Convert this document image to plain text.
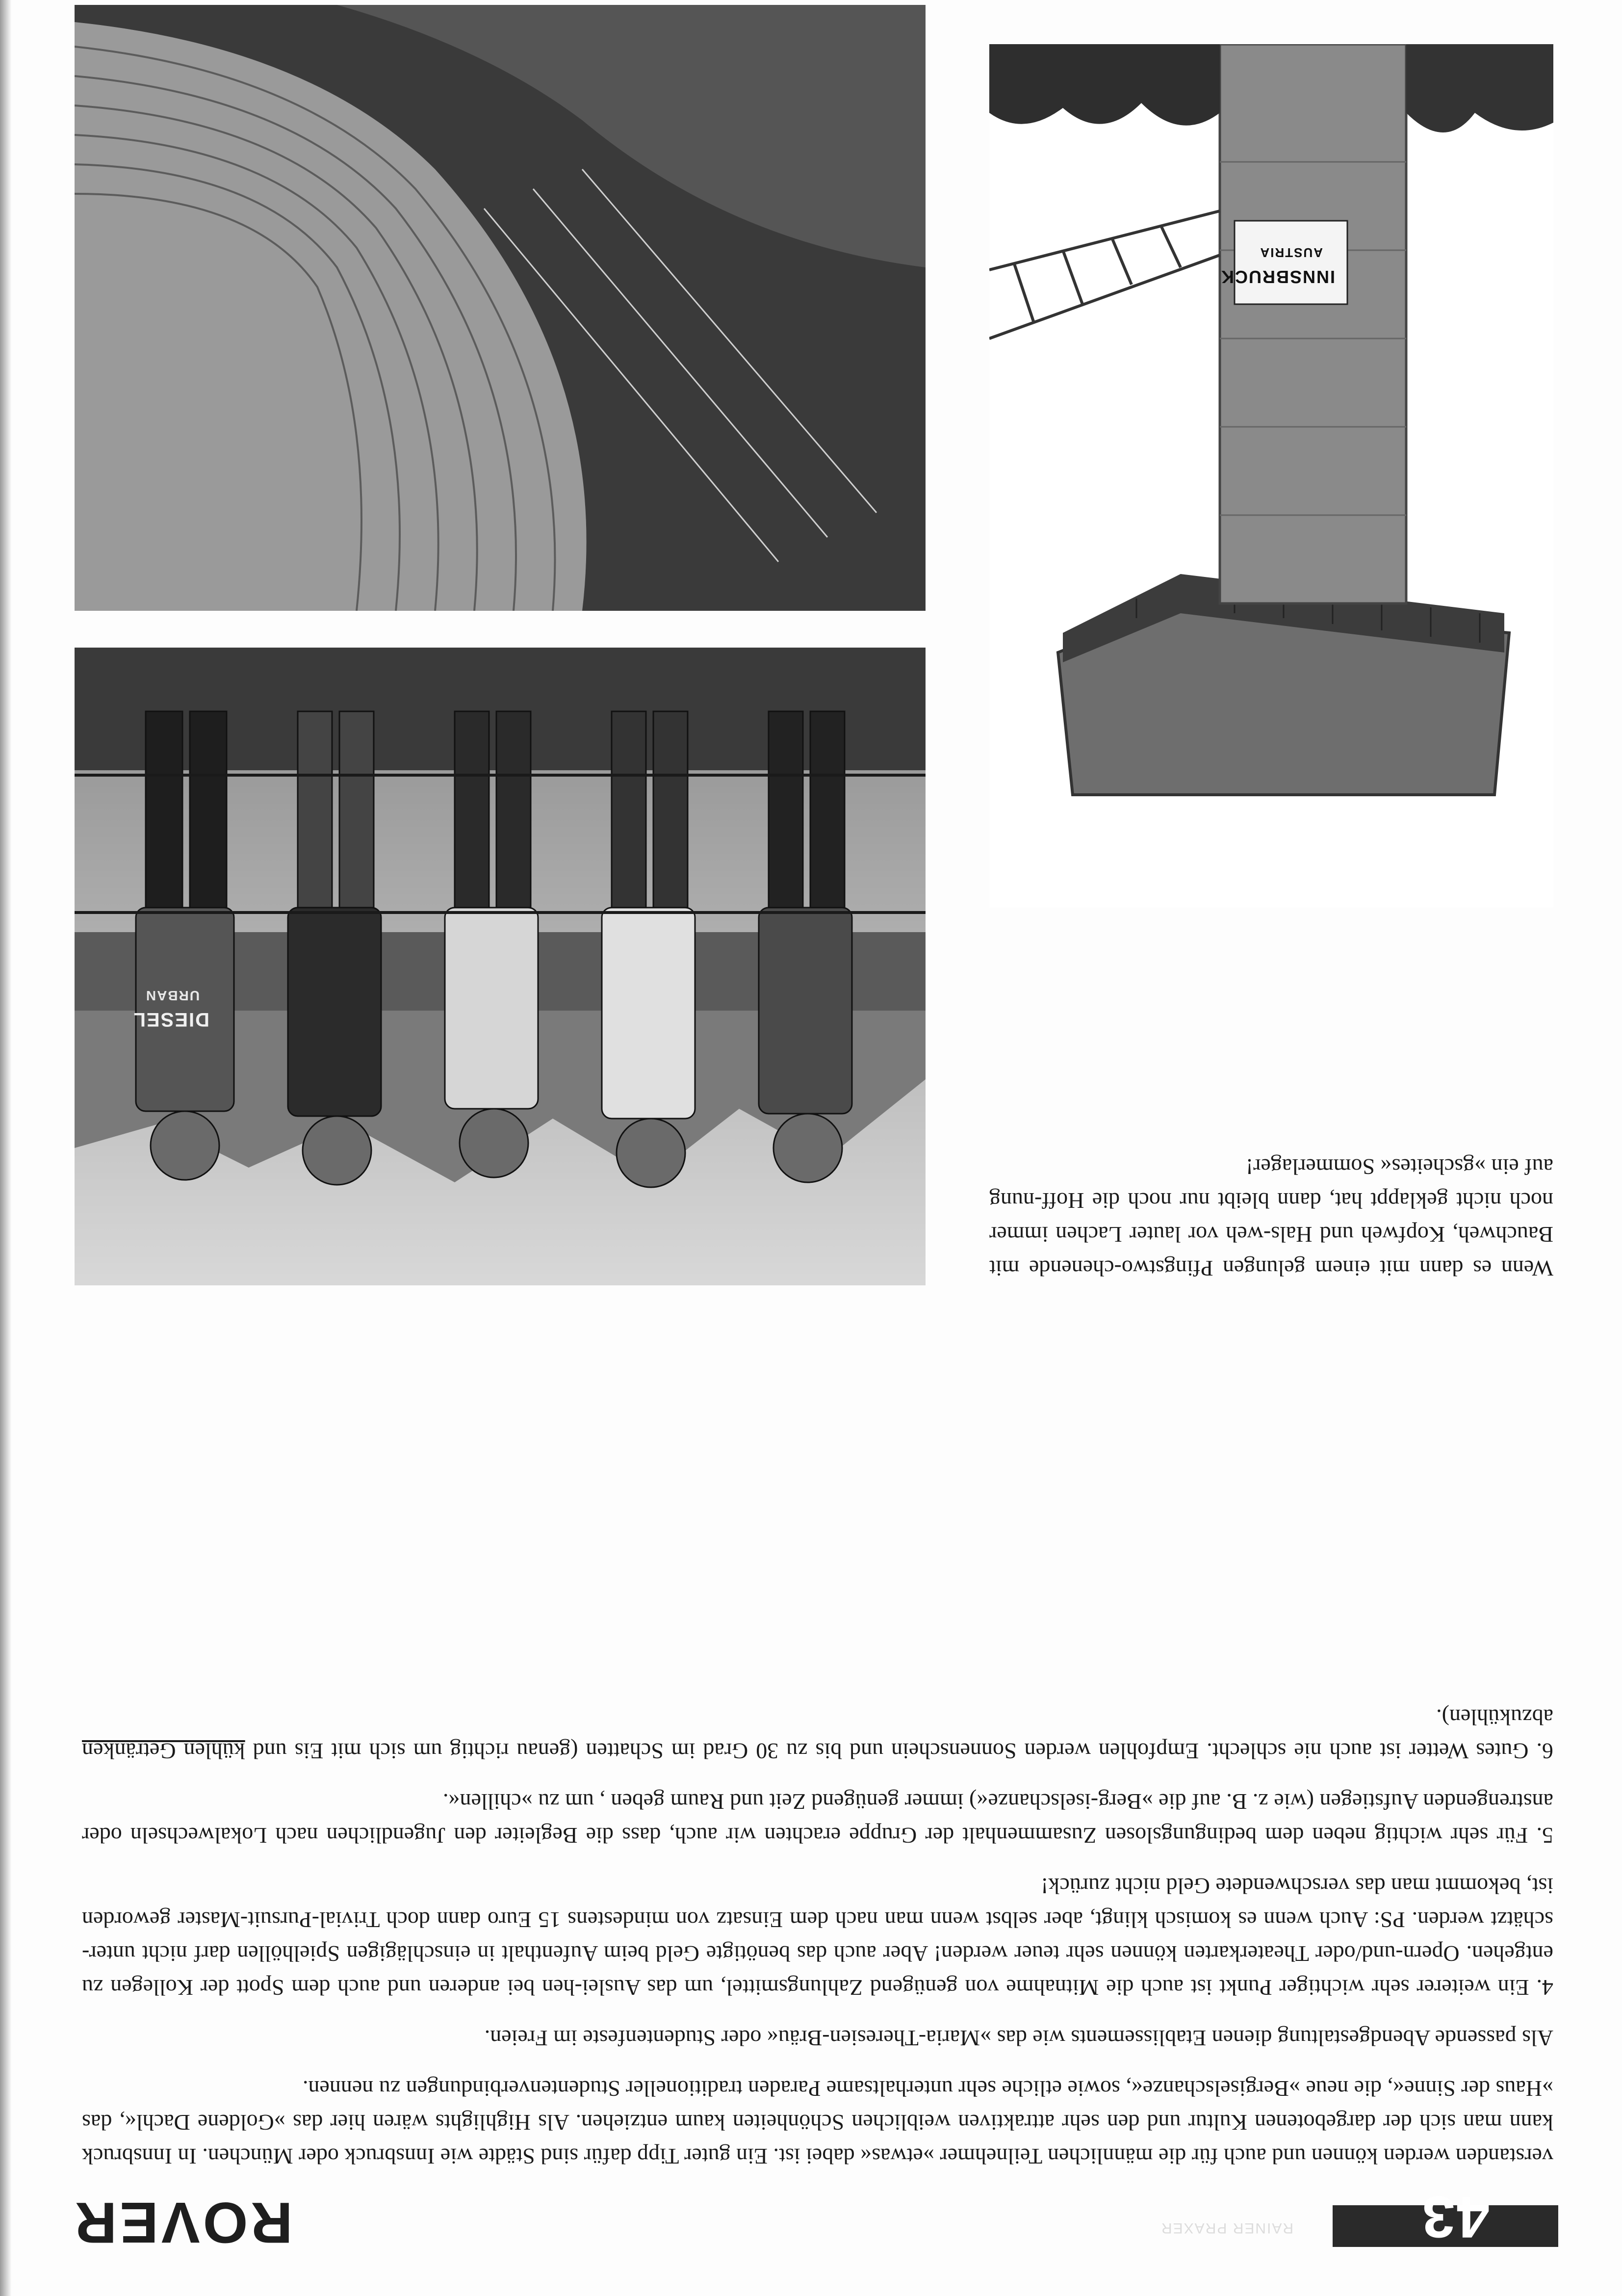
43
RAINER PRAXER
ROVER

verstanden werden können und auch für die männlichen Teilnehmer »etwas« dabei ist. Ein guter Tipp dafür sind Städte wie Innsbruck oder München. In Innsbruck kann man sich der dargebotenen Kultur und den sehr attraktiven weiblichen Schönheiten kaum entziehen. Als Highlights wären hier das »Goldene Dachl«, das »Haus der Sinne«, die neue »Bergiselschanze«, sowie etliche sehr unterhaltsame Paraden traditioneller Studentenverbindungen zu nennen.

Als passende Abendgestaltung dienen Etablissements wie das »Maria-Theresien-Bräu« oder Studentenfeste im Freien.

4. Ein weiterer sehr wichtiger Punkt ist auch die Mitnahme von genügend Zahlungsmittel, um das Auslei-hen bei anderen und auch dem Spott der Kollegen zu entgehen. Opern-und/oder Theaterkarten können sehr teuer werden! Aber auch das benötigte Geld beim Aufenthalt in einschlägigen Spielhöllen darf nicht unter-schätzt werden. PS: Auch wenn es komisch klingt, aber selbst wenn man nach dem Einsatz von mindestens 15 Euro dann doch Trivial-Pursuit-Master geworden ist, bekommt man das verschwendete Geld nicht zurück!

5. Für sehr wichtig neben dem bedingungslosen Zusammenhalt der Gruppe erachten wir auch, dass die Begleiter den Jugendlichen nach Lokalwechseln oder anstrengenden Aufstiegen (wie z. B. auf die »Berg-iselschanze«) immer genügend Zeit und Raum geben , um zu »chillen«.

6. Gutes Wetter ist auch nie schlecht. Empfohlen werden Sonnenschein und bis zu 30 Grad im Schatten (genau richtig um sich mit Eis und kühlen Getränken abzukühlen).

Wenn es dann mit einem gelungen Pfingstwo-chenende mit Bauchweh, Kopfweh und Hals-weh vor lauter Lachen immer noch nicht geklappt hat, dann bleibt nur noch die Hoff-nung auf ein »gscheites« Sommerlager!

INNSBRUCK
AUSTRIA
DIESEL
URBAN
